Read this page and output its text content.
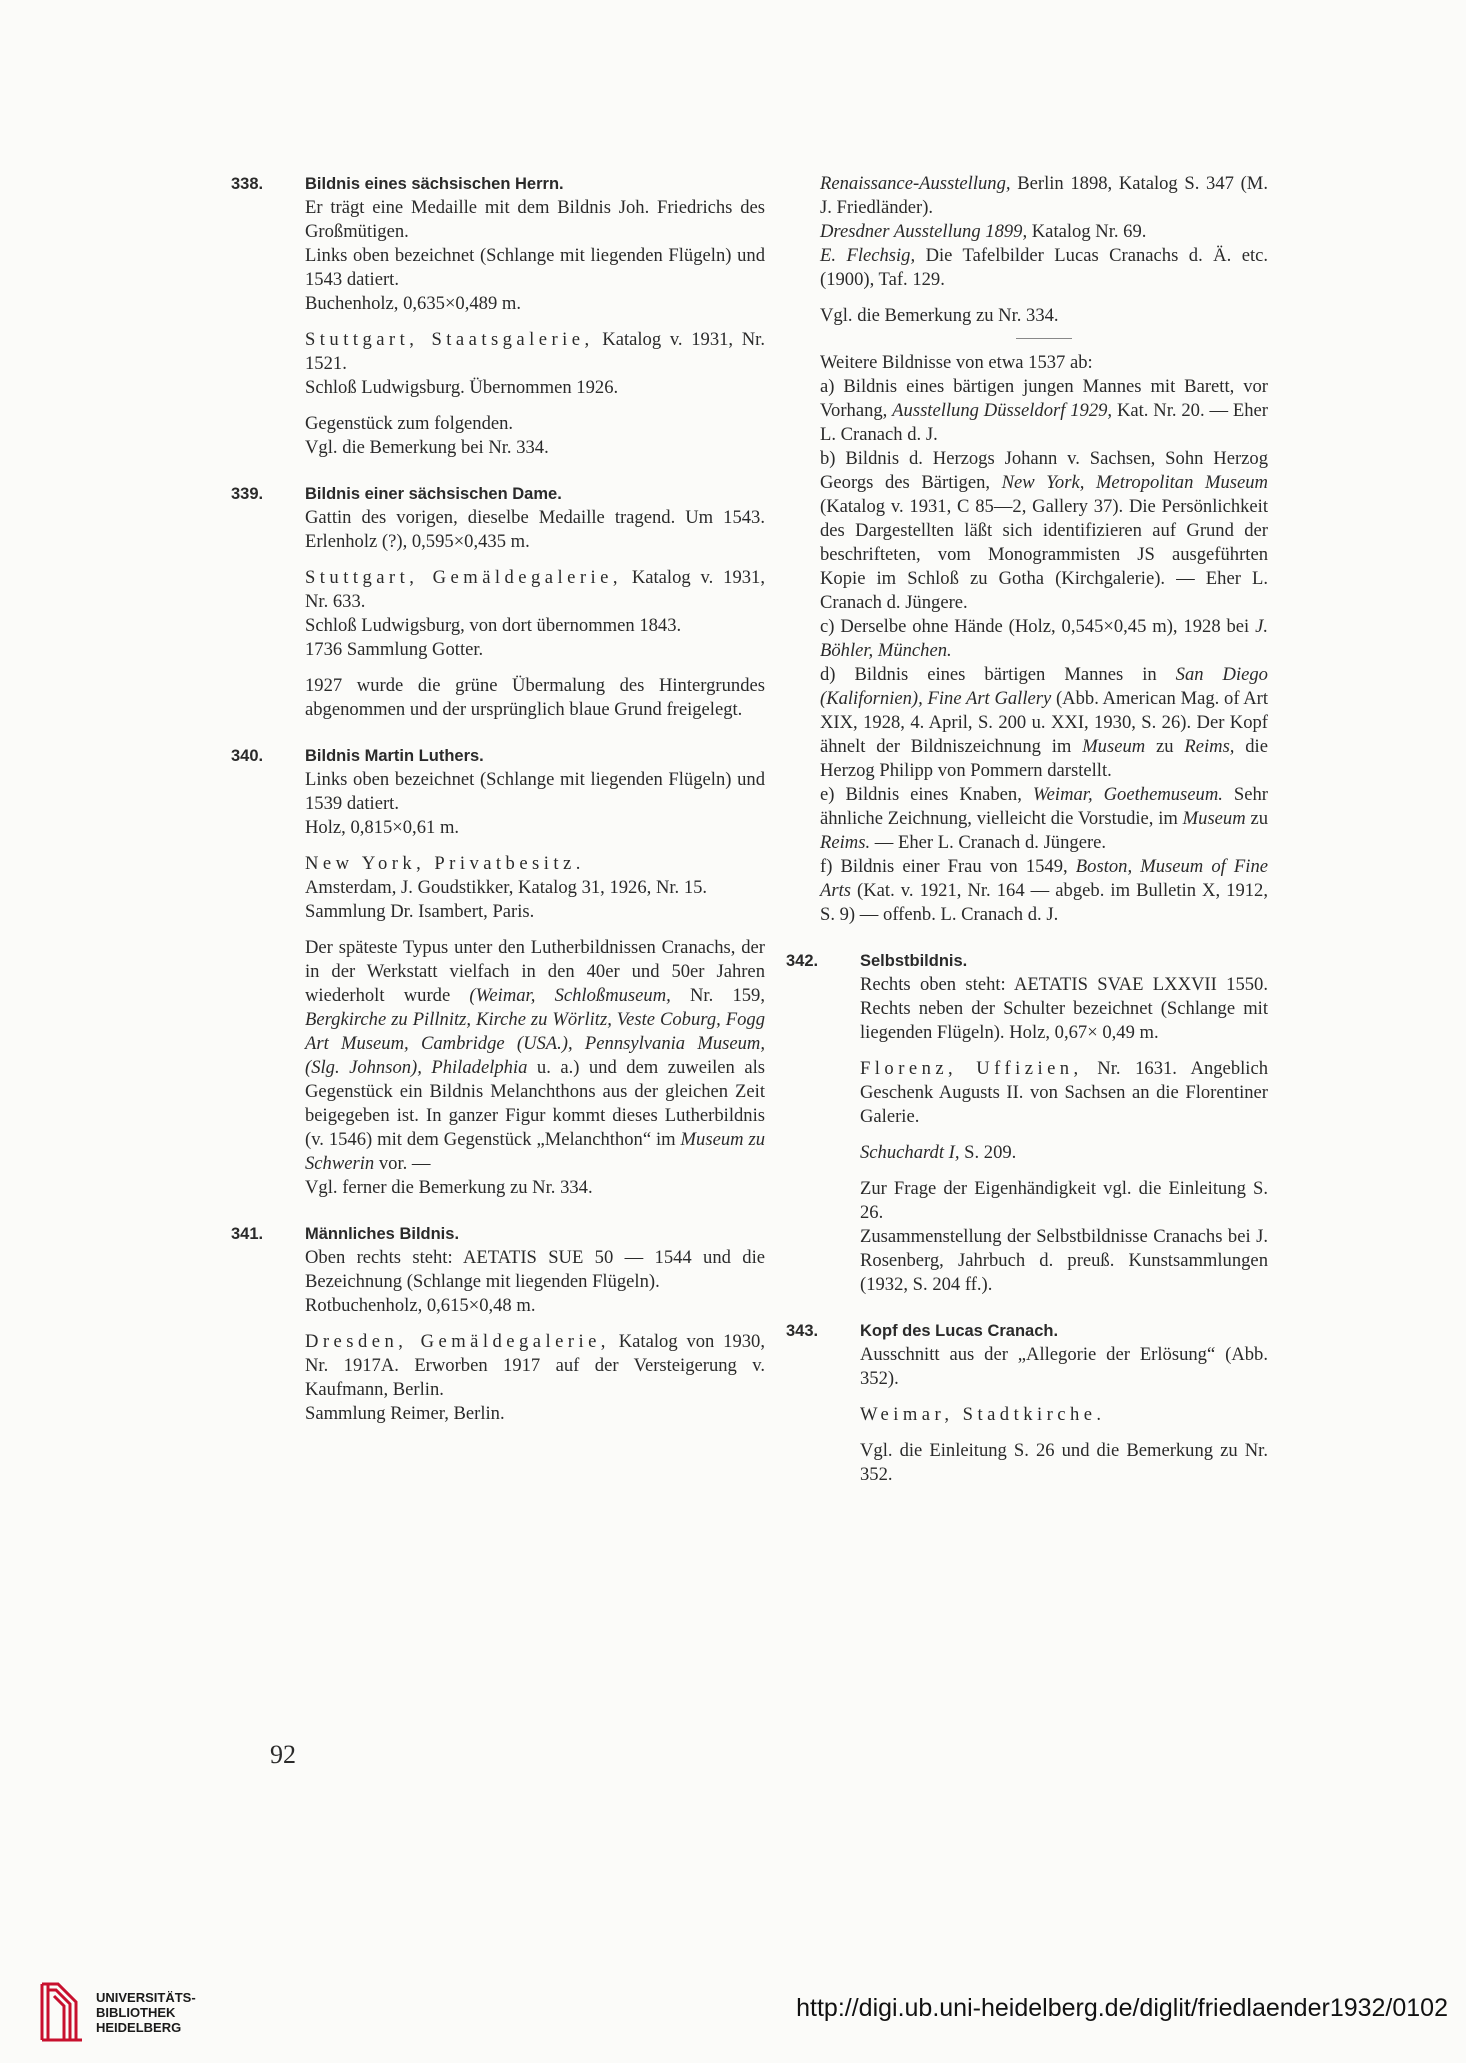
338.	Bildnis eines sächsischen Herrn.
Er trägt eine Medaille mit dem Bildnis Joh. Friedrichs des Großmütigen.
Links oben bezeichnet (Schlange mit liegenden Flügeln) und 1543 datiert.
Buchenholz, 0,635×0,489 m.
Stuttgart, Staatsgalerie, Katalog v. 1931, Nr. 1521.
Schloß Ludwigsburg. Übernommen 1926.
Gegenstück zum folgenden.
Vgl. die Bemerkung bei Nr. 334.
339.	Bildnis einer sächsischen Dame.
Gattin des vorigen, dieselbe Medaille tragend. Um 1543. Erlenholz (?), 0,595×0,435 m.
Stuttgart, Gemäldegalerie, Katalog v. 1931, Nr. 633.
Schloß Ludwigsburg, von dort übernommen 1843.
1736 Sammlung Gotter.
1927 wurde die grüne Übermalung des Hintergrundes abgenommen und der ursprünglich blaue Grund freigelegt.
340.	Bildnis Martin Luthers.
Links oben bezeichnet (Schlange mit liegenden Flügeln) und 1539 datiert.
Holz, 0,815×0,61 m.
New York, Privatbesitz.
Amsterdam, J. Goudstikker, Katalog 31, 1926, Nr. 15.
Sammlung Dr. Isambert, Paris.
Der späteste Typus unter den Lutherbildnissen Cranachs, der in der Werkstatt vielfach in den 40er und 50er Jahren wiederholt wurde (Weimar, Schloßmuseum, Nr. 159, Bergkirche zu Pillnitz, Kirche zu Wörlitz, Veste Coburg, Fogg Art Museum, Cambridge (USA.), Pennsylvania Museum, (Slg. Johnson), Philadelphia u. a.) und dem zuweilen als Gegenstück ein Bildnis Melanchthons aus der gleichen Zeit beigegeben ist. In ganzer Figur kommt dieses Lutherbildnis (v. 1546) mit dem Gegenstück „Melanchthon“ im Museum zu Schwerin vor. —
Vgl. ferner die Bemerkung zu Nr. 334.
341.	Männliches Bildnis.
Oben rechts steht: AETATIS SUE 50 — 1544 und die Bezeichnung (Schlange mit liegenden Flügeln).
Rotbuchenholz, 0,615×0,48 m.
Dresden, Gemäldegalerie, Katalog von 1930, Nr. 1917A. Erworben 1917 auf der Versteigerung v. Kaufmann, Berlin.
Sammlung Reimer, Berlin.
Renaissance-Ausstellung, Berlin 1898, Katalog S. 347 (M. J. Friedländer).
Dresdner Ausstellung 1899, Katalog Nr. 69.
E. Flechsig, Die Tafelbilder Lucas Cranachs d. Ä. etc. (1900), Taf. 129.
Vgl. die Bemerkung zu Nr. 334.
Weitere Bildnisse von etwa 1537 ab:
a) Bildnis eines bärtigen jungen Mannes mit Barett, vor Vorhang, Ausstellung Düsseldorf 1929, Kat. Nr. 20. — Eher L. Cranach d. J.
b) Bildnis d. Herzogs Johann v. Sachsen, Sohn Herzog Georgs des Bärtigen, New York, Metropolitan Museum (Katalog v. 1931, C 85—2, Gallery 37). Die Persönlichkeit des Dargestellten läßt sich identifizieren auf Grund der beschrifteten, vom Monogrammisten JS ausgeführten Kopie im Schloß zu Gotha (Kirchgalerie). — Eher L. Cranach d. Jüngere.
c) Derselbe ohne Hände (Holz, 0,545×0,45 m), 1928 bei J. Böhler, München.
d) Bildnis eines bärtigen Mannes in San Diego (Kalifornien), Fine Art Gallery (Abb. American Mag. of Art XIX, 1928, 4. April, S. 200 u. XXI, 1930, S. 26). Der Kopf ähnelt der Bildniszeichnung im Museum zu Reims, die Herzog Philipp von Pommern darstellt.
e) Bildnis eines Knaben, Weimar, Goethemuseum. Sehr ähnliche Zeichnung, vielleicht die Vorstudie, im Museum zu Reims. — Eher L. Cranach d. Jüngere.
f) Bildnis einer Frau von 1549, Boston, Museum of Fine Arts (Kat. v. 1921, Nr. 164 — abgeb. im Bulletin X, 1912, S. 9) — offenb. L. Cranach d. J.
342.	Selbstbildnis.
Rechts oben steht: AETATIS SVAE LXXVII 1550. Rechts neben der Schulter bezeichnet (Schlange mit liegenden Flügeln). Holz, 0,67× 0,49 m.
Florenz, Uffizien, Nr. 1631. Angeblich Geschenk Augusts II. von Sachsen an die Florentiner Galerie.
Schuchardt I, S. 209.
Zur Frage der Eigenhändigkeit vgl. die Einleitung S. 26.
Zusammenstellung der Selbstbildnisse Cranachs bei J. Rosenberg, Jahrbuch d. preuß. Kunstsammlungen (1932, S. 204 ff.).
343.	Kopf des Lucas Cranach.
Ausschnitt aus der „Allegorie der Erlösung“ (Abb. 352).
Weimar, Stadtkirche.
Vgl. die Einleitung S. 26 und die Bemerkung zu Nr. 352.
92
UNIVERSITÄTS-
BIBLIOTHEK
HEIDELBERG
http://digi.ub.uni-heidelberg.de/diglit/friedlaender1932/0102
